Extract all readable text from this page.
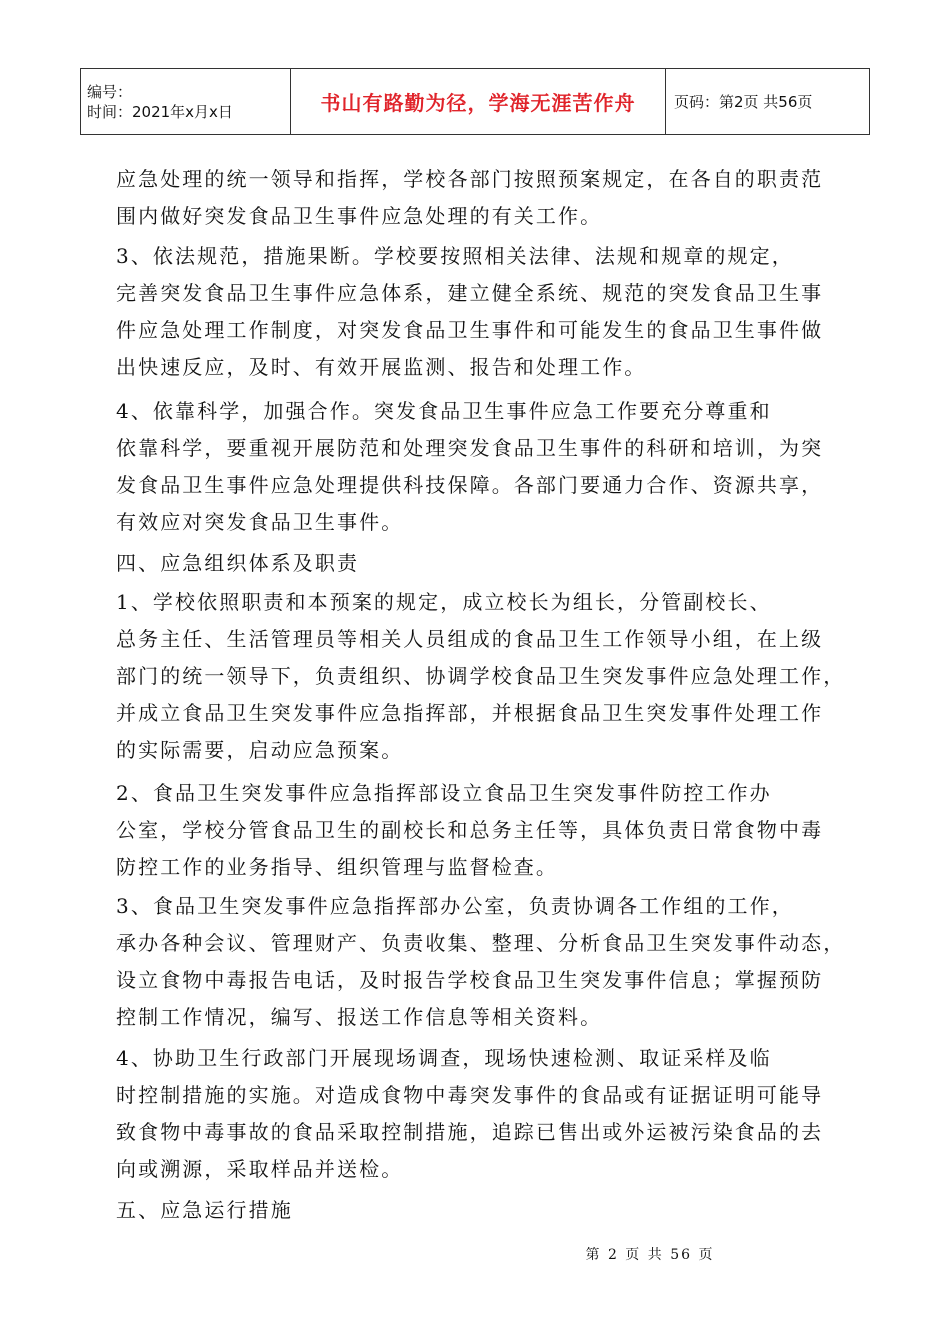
编号：
时间：2021年x月x日	书山有路勤为径，学海无涯苦作舟	页码：第2页 共56页
应急处理的统一领导和指挥，学校各部门按照预案规定，在各自的职责范
围内做好突发食品卫生事件应急处理的有关工作。
3、依法规范，措施果断。学校要按照相关法律、法规和规章的规定，
完善突发食品卫生事件应急体系，建立健全系统、规范的突发食品卫生事
件应急处理工作制度，对突发食品卫生事件和可能发生的食品卫生事件做
出快速反应，及时、有效开展监测、报告和处理工作。
4、依靠科学，加强合作。突发食品卫生事件应急工作要充分尊重和
依靠科学，要重视开展防范和处理突发食品卫生事件的科研和培训，为突
发食品卫生事件应急处理提供科技保障。各部门要通力合作、资源共享，
有效应对突发食品卫生事件。
四、应急组织体系及职责
1、学校依照职责和本预案的规定，成立校长为组长，分管副校长、
总务主任、生活管理员等相关人员组成的食品卫生工作领导小组，在上级
部门的统一领导下，负责组织、协调学校食品卫生突发事件应急处理工作，
并成立食品卫生突发事件应急指挥部，并根据食品卫生突发事件处理工作
的实际需要，启动应急预案。
2、食品卫生突发事件应急指挥部设立食品卫生突发事件防控工作办
公室，学校分管食品卫生的副校长和总务主任等，具体负责日常食物中毒
防控工作的业务指导、组织管理与监督检查。
3、食品卫生突发事件应急指挥部办公室，负责协调各工作组的工作，
承办各种会议、管理财产、负责收集、整理、分析食品卫生突发事件动态，
设立食物中毒报告电话，及时报告学校食品卫生突发事件信息；掌握预防
控制工作情况，编写、报送工作信息等相关资料。
4、协助卫生行政部门开展现场调查，现场快速检测、取证采样及临
时控制措施的实施。对造成食物中毒突发事件的食品或有证据证明可能导
致食物中毒事故的食品采取控制措施，追踪已售出或外运被污染食品的去
向或溯源，采取样品并送检。
五、应急运行措施
第 2 页 共 56 页
